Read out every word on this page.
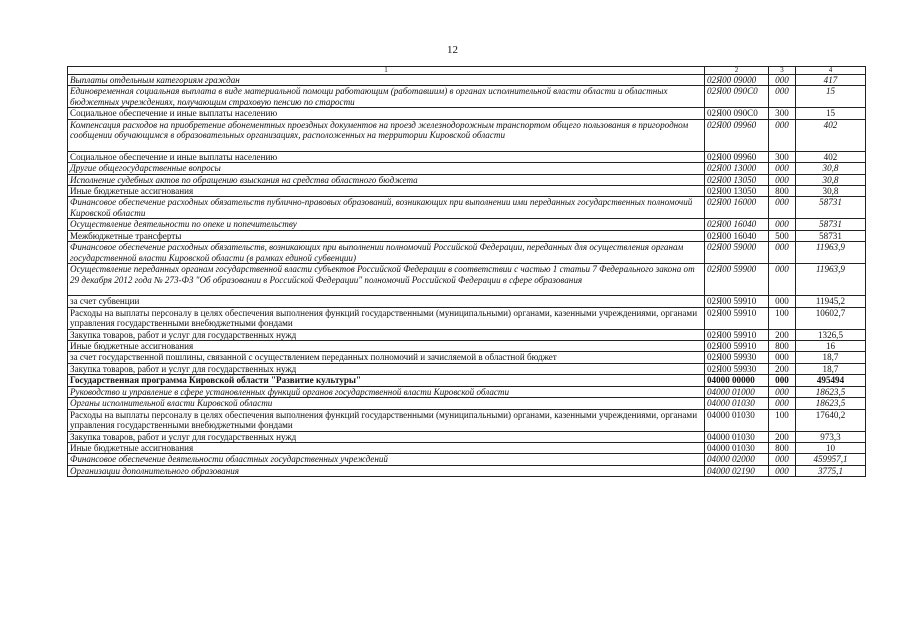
12
1	2	3	4
Выплаты отдельным категориям граждан	02Я00 09000	000	417
Единовременная социальная выплата в виде материальной помощи работающим (работавшим) в органах исполнительной власти области и областных бюджетных учреждениях, получающим страховую пенсию по старости	02Я00 090С0	000	15
Социальное обеспечение и иные выплаты населению	02Я00 090С0	300	15
Компенсация расходов на приобретение абонементных проездных документов на проезд железнодорожным транспортом общего пользования в пригородном сообщении обучающимся в образовательных организациях, расположенных на территории Кировской области	02Я00 09960	000	402
Социальное обеспечение и иные выплаты населению	02Я00 09960	300	402
Другие общегосударственные вопросы	02Я00 13000	000	30,8
Исполнение судебных актов по обращению взыскания на средства областного бюджета	02Я00 13050	000	30,8
Иные бюджетные ассигнования	02Я00 13050	800	30,8
Финансовое обеспечение расходных обязательств публично-правовых образований, возникающих при выполнении ими переданных государственных полномочий Кировской области	02Я00 16000	000	58731
Осуществление деятельности по опеке и попечительству	02Я00 16040	000	58731
Межбюджетные трансферты	02Я00 16040	500	58731
Финансовое обеспечение расходных обязательств, возникающих при выполнении полномочий Российской Федерации, переданных для осуществления органам государственной власти Кировской области (в рамках единой субвенции)	02Я00 59000	000	11963,9
Осуществление переданных органам государственной власти субъектов Российской Федерации в соответствии с частью 1 статьи 7 Федерального закона от 29 декабря 2012 года № 273-ФЗ "Об образовании в Российской Федерации" полномочий Российской Федерации в сфере образования	02Я00 59900	000	11963,9
за счет субвенции	02Я00 59910	000	11945,2
Расходы на выплаты персоналу в целях обеспечения выполнения функций государственными (муниципальными) органами, казенными учреждениями, органами управления государственными внебюджетными фондами	02Я00 59910	100	10602,7
Закупка товаров, работ и услуг для государственных нужд	02Я00 59910	200	1326,5
Иные бюджетные ассигнования	02Я00 59910	800	16
за счет государственной пошлины, связанной с осуществлением переданных полномочий и зачисляемой в областной бюджет	02Я00 59930	000	18,7
Закупка товаров, работ и услуг для государственных нужд	02Я00 59930	200	18,7
Государственная программа Кировской области "Развитие культуры"	04000 00000	000	495494
Руководство и управление в сфере установленных функций органов государственной власти Кировской области	04000 01000	000	18623,5
Органы исполнительной власти Кировской области	04000 01030	000	18623,5
Расходы на выплаты персоналу в целях обеспечения выполнения функций государственными (муниципальными) органами, казенными учреждениями, органами управления государственными внебюджетными фондами	04000 01030	100	17640,2
Закупка товаров, работ и услуг для государственных нужд	04000 01030	200	973,3
Иные бюджетные ассигнования	04000 01030	800	10
Финансовое обеспечение деятельности областных государственных учреждений	04000 02000	000	459957,1
Организации дополнительного образования	04000 02190	000	3775,1
